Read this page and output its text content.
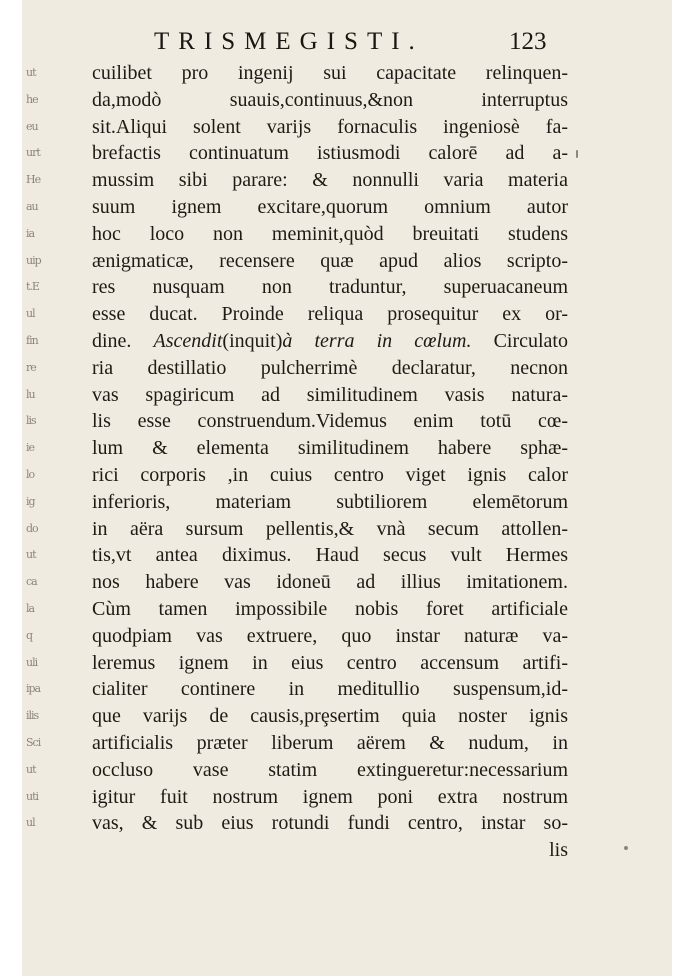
ut
he
eu
urt
He
au
ia
uip
t.E
ul
fin
re
lu
lis
ie
lo
ig
do
ut
ca
la
q
uli
ipa
ilis
Sci
ut
uti
ul
TRISMEGISTI.	123
cuilibet pro ingenij sui capacitate relinquen-
da,modò suauis,continuus,&non interruptus
sit.Aliqui solent varijs fornaculis ingeniosè fa-
brefactis continuatum istiusmodi calorē ad a-
mussim sibi parare: & nonnulli varia materia
suum ignem excitare,quorum omnium autor
hoc loco non meminit,quòd breuitati studens
ænigmaticæ, recensere quæ apud alios scripto-
res nusquam non traduntur, superuacaneum
esse ducat. Proinde reliqua prosequitur ex or-
dine. Ascendit(inquit)à terra in cœlum. Circulato
ria destillatio pulcherrimè declaratur, necnon
vas spagiricum ad similitudinem vasis natura-
lis esse construendum.Videmus enim totū cœ-
lum & elementa similitudinem habere sphæ-
rici corporis ,in cuius centro viget ignis calor
inferioris, materiam subtiliorem elemētorum
in aëra sursum pellentis,& vnà secum attollen-
tis,vt antea diximus. Haud secus vult Hermes
nos habere vas idoneū ad illius imitationem.
Cùm tamen impossibile nobis foret artificiale
quodpiam vas extruere, quo instar naturæ va-
leremus ignem in eius centro accensum artifi-
cialiter continere in meditullio suspensum,id-
que varijs de causis,prȩsertim quia noster ignis
artificialis præter liberum aërem & nudum, in
occluso vase statim extingueretur:necessarium
igitur fuit nostrum ignem poni extra nostrum
vas, & sub eius rotundi fundi centro, instar so-
lis
